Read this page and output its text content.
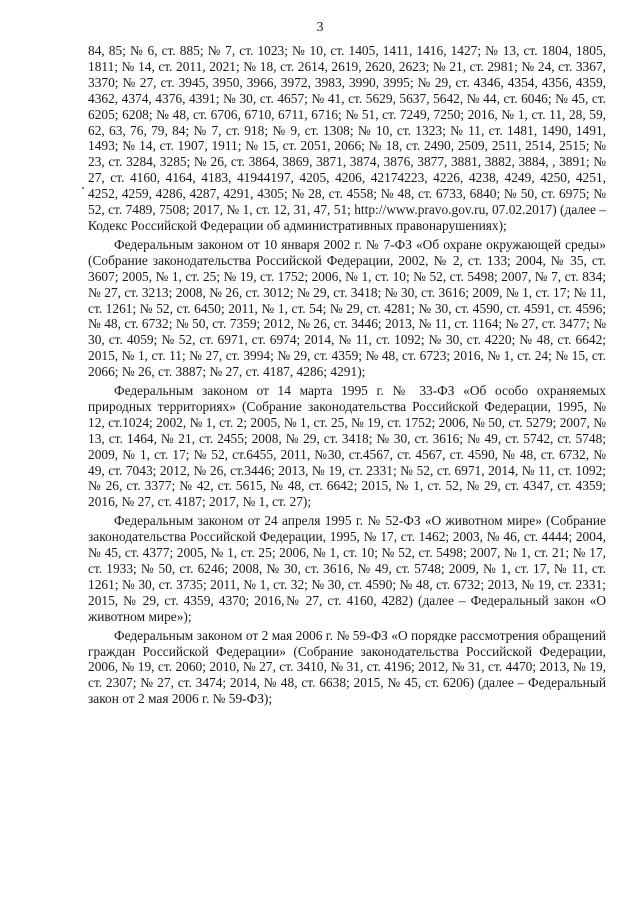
3

84, 85; № 6, ст. 885; № 7, ст. 1023; № 10, ст. 1405, 1411, 1416, 1427; № 13, ст. 1804, 1805, 1811; № 14, ст. 2011, 2021; № 18, ст. 2614, 2619, 2620, 2623; № 21, ст. 2981; № 24, ст. 3367, 3370; № 27, ст. 3945, 3950, 3966, 3972, 3983, 3990, 3995; № 29, ст. 4346, 4354, 4356, 4359, 4362, 4374, 4376, 4391; № 30, ст. 4657; № 41, ст. 5629, 5637, 5642, № 44, ст. 6046; № 45, ст. 6205; 6208; № 48, ст. 6706, 6710, 6711, 6716; № 51, ст. 7249, 7250; 2016, № 1, ст. 11, 28, 59, 62, 63, 76, 79, 84; № 7, ст. 918; № 9, ст. 1308; № 10, ст. 1323; № 11, ст. 1481, 1490, 1491, 1493; № 14, ст. 1907, 1911; № 15, ст. 2051, 2066; № 18, ст. 2490, 2509, 2511, 2514, 2515; № 23, ст. 3284, 3285; № 26, ст. 3864, 3869, 3871, 3874, 3876, 3877, 3881, 3882, 3884, , 3891; № 27, ст. 4160, 4164, 4183, 41944197, 4205, 4206, 42174223, 4226, 4238, 4249, 4250, 4251, 4252, 4259, 4286, 4287, 4291, 4305; № 28, ст. 4558; № 48, ст. 6733, 6840; № 50, ст. 6975; № 52, ст. 7489, 7508; 2017, № 1, ст. 12, 31, 47, 51; http://www.pravo.gov.ru, 07.02.2017) (далее – Кодекс Российской Федерации об административных правонарушениях);

Федеральным законом от 10 января 2002 г. № 7-ФЗ «Об охране окружающей среды» (Собрание законодательства Российской Федерации, 2002, № 2, ст. 133; 2004, № 35, ст. 3607; 2005, № 1, ст. 25; № 19, ст. 1752; 2006, № 1, ст. 10; № 52, ст. 5498; 2007, № 7, ст. 834; № 27, ст. 3213; 2008, № 26, ст. 3012; № 29, ст. 3418; № 30, ст. 3616; 2009, № 1, ст. 17; № 11, ст. 1261; № 52, ст. 6450; 2011, № 1, ст. 54; № 29, ст. 4281; № 30, ст. 4590, ст. 4591, ст. 4596; № 48, ст. 6732; № 50, ст. 7359; 2012, № 26, ст. 3446; 2013, № 11, ст. 1164; № 27, ст. 3477; № 30, ст. 4059; № 52, ст. 6971, ст. 6974; 2014, № 11, ст. 1092; № 30, ст. 4220; № 48, ст. 6642; 2015, № 1, ст. 11; № 27, ст. 3994; № 29, ст. 4359; № 48, ст. 6723; 2016, № 1, ст. 24; № 15, ст. 2066; № 26, ст. 3887; № 27, ст. 4187, 4286; 4291);

Федеральным законом от 14 марта 1995 г. № 33-ФЗ «Об особо охраняемых природных территориях» (Собрание законодательства Российской Федерации, 1995, № 12, ст.1024; 2002, № 1, ст. 2; 2005, № 1, ст. 25, № 19, ст. 1752; 2006, № 50, ст. 5279; 2007, № 13, ст. 1464, № 21, ст. 2455; 2008, № 29, ст. 3418; № 30, ст. 3616; № 49, ст. 5742, ст. 5748; 2009, № 1, ст. 17; № 52, ст.6455, 2011, №30, ст.4567, ст. 4567, ст. 4590, № 48, ст. 6732, № 49, ст. 7043; 2012, № 26, ст.3446; 2013, № 19, ст. 2331; № 52, ст. 6971, 2014, № 11, ст. 1092; № 26, ст. 3377; № 42, ст. 5615, № 48, ст. 6642; 2015, № 1, ст. 52, № 29, ст. 4347, ст. 4359; 2016, № 27, ст. 4187; 2017, № 1, ст. 27);

Федеральным законом от 24 апреля 1995 г. № 52-ФЗ «О животном мире» (Собрание законодательства Российской Федерации, 1995, № 17, ст. 1462; 2003, № 46, ст. 4444; 2004, № 45, ст. 4377; 2005, № 1, ст. 25; 2006, № 1, ст. 10; № 52, ст. 5498; 2007, № 1, ст. 21; № 17, ст. 1933; № 50, ст. 6246; 2008, № 30, ст. 3616, № 49, ст. 5748; 2009, № 1, ст. 17, № 11, ст. 1261; № 30, ст. 3735; 2011, № 1, ст. 32; № 30, ст. 4590; № 48, ст. 6732; 2013, № 19, ст. 2331; 2015, № 29, ст. 4359, 4370; 2016,№ 27, ст. 4160, 4282) (далее – Федеральный закон «О животном мире»);

Федеральным законом от 2 мая 2006 г. № 59-ФЗ «О порядке рассмотрения обращений граждан Российской Федерации» (Собрание законодательства Российской Федерации, 2006, № 19, ст. 2060; 2010, № 27, ст. 3410, № 31, ст. 4196; 2012, № 31, ст. 4470; 2013, № 19, ст. 2307; № 27, ст. 3474; 2014, № 48, ст. 6638; 2015, № 45, ст. 6206) (далее – Федеральный закон от 2 мая 2006 г. № 59-ФЗ);
